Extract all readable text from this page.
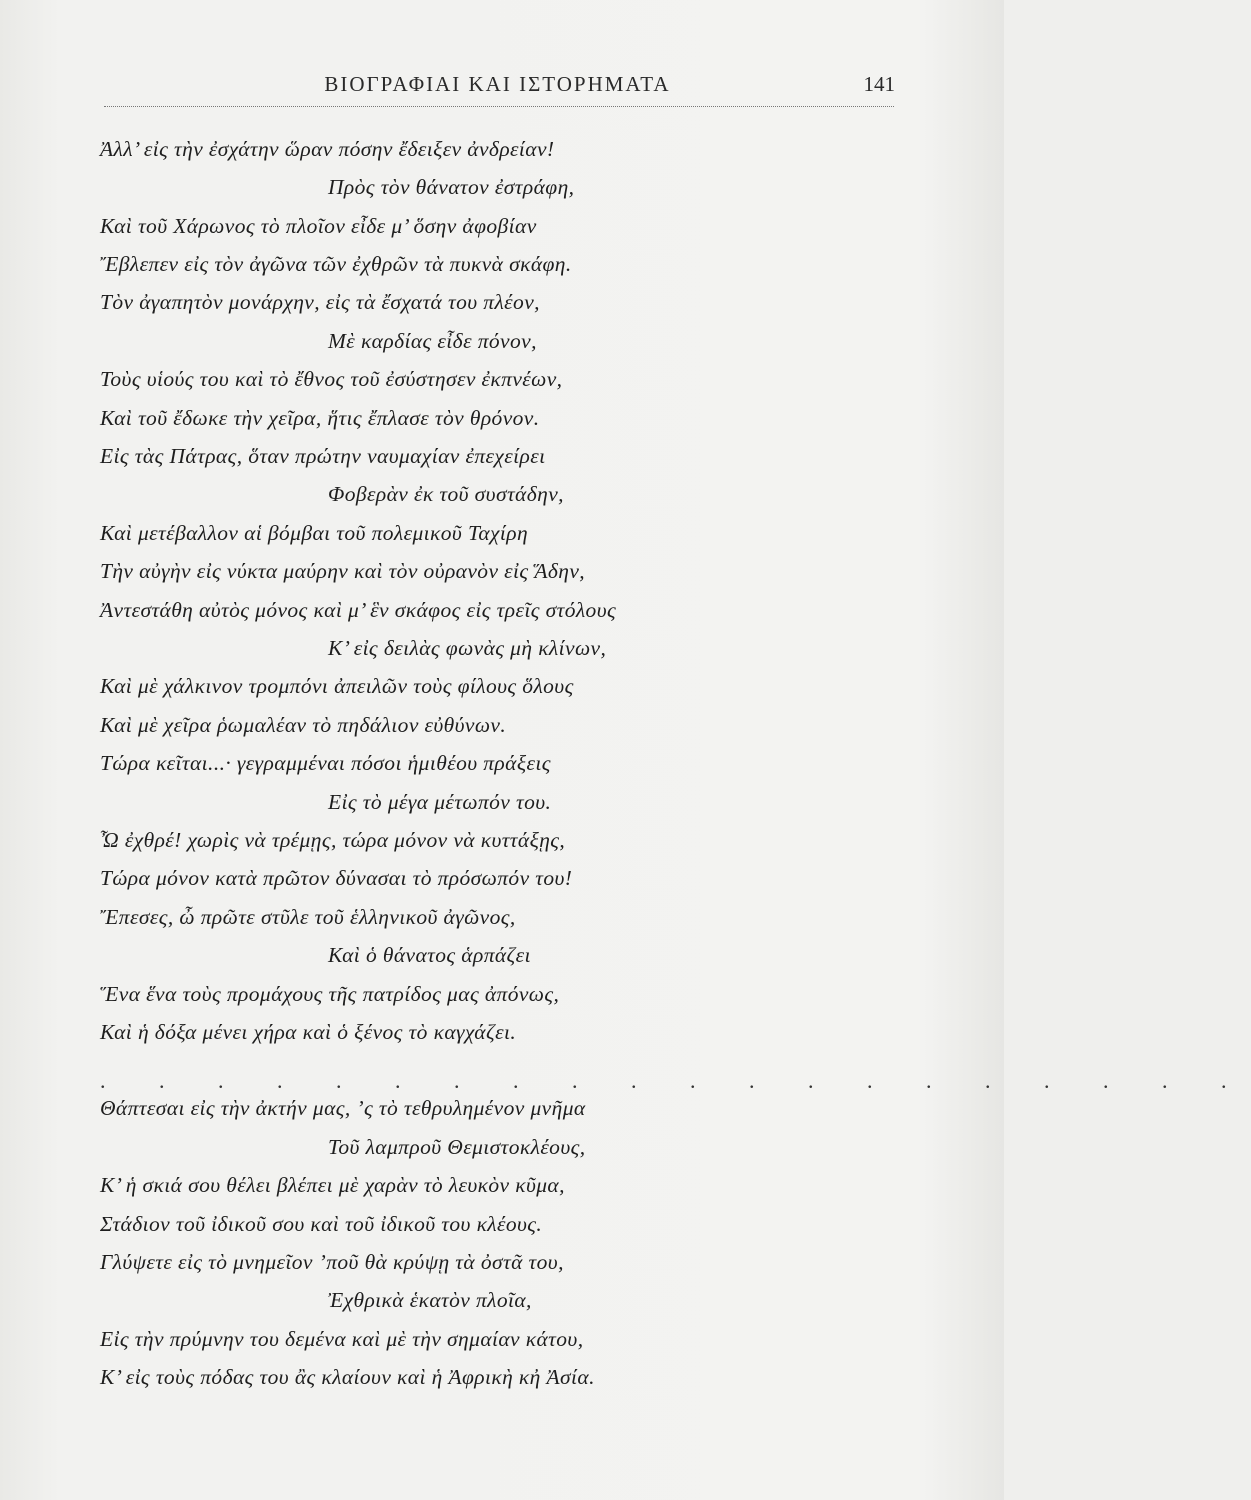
ΒΙΟΓΡΑΦΙΑΙ ΚΑΙ ΙΣΤΟΡΗΜΑΤΑ	141
Ἀλλ’ εἰς τὴν ἐσχάτην ὥραν πόσην ἔδειξεν ἀνδρείαν!
Πρὸς τὸν θάνατον ἐστράφη,
Καὶ τοῦ Χάρωνος τὸ πλοῖον εἶδε μ’ ὅσην ἀφοβίαν
Ἔβλεπεν εἰς τὸν ἀγῶνα τῶν ἐχθρῶν τὰ πυκνὰ σκάφη.
Τὸν ἀγαπητὸν μονάρχην, εἰς τὰ ἔσχατά του πλέον,
Μὲ καρδίας εἶδε πόνον,
Τοὺς υἱούς του καὶ τὸ ἔθνος τοῦ ἐσύστησεν ἐκπνέων,
Καὶ τοῦ ἔδωκε τὴν χεῖρα, ἥτις ἔπλασε τὸν θρόνον.
Εἰς τὰς Πάτρας, ὅταν πρώτην ναυμαχίαν ἐπεχείρει
Φοβερὰν ἐκ τοῦ συστάδην,
Καὶ μετέβαλλον αἱ βόμβαι τοῦ πολεμικοῦ Ταχίρη
Τὴν αὐγὴν εἰς νύκτα μαύρην καὶ τὸν οὐρανὸν εἰς Ἅδην,
Ἀντεστάθη αὐτὸς μόνος καὶ μ’ ἓν σκάφος εἰς τρεῖς στόλους
Κ’ εἰς δειλὰς φωνὰς μὴ κλίνων,
Καὶ μὲ χάλκινον τρομπόνι ἀπειλῶν τοὺς φίλους ὅλους
Καὶ μὲ χεῖρα ῥωμαλέαν τὸ πηδάλιον εὐθύνων.
Τώρα κεῖται...· γεγραμμέναι πόσοι ἡμιθέου πράξεις
Εἰς τὸ μέγα μέτωπόν του.
Ὦ ἐχθρέ! χωρὶς νὰ τρέμῃς, τώρα μόνον νὰ κυττάξῃς,
Τώρα μόνον κατὰ πρῶτον δύνασαι τὸ πρόσωπόν του!
Ἔπεσες, ὦ πρῶτε στῦλε τοῦ ἑλληνικοῦ ἀγῶνος,
Καὶ ὁ θάνατος ἁρπάζει
Ἕνα ἕνα τοὺς προμάχους τῆς πατρίδος μας ἀπόνως,
Καὶ ἡ δόξα μένει χήρα καὶ ὁ ξένος τὸ καγχάζει.
. . . . . . . . . . . . . . . . . . . .
Θάπτεσαι εἰς τὴν ἀκτήν μας, ’ς τὸ τεθρυλημένον μνῆμα
Τοῦ λαμπροῦ Θεμιστοκλέους,
Κ’ ἡ σκιά σου θέλει βλέπει μὲ χαρὰν τὸ λευκὸν κῦμα,
Στάδιον τοῦ ἰδικοῦ σου καὶ τοῦ ἰδικοῦ του κλέους.
Γλύψετε εἰς τὸ μνημεῖον ’ποῦ θὰ κρύψῃ τὰ ὀστᾶ του,
Ἐχθρικὰ ἑκατὸν πλοῖα,
Εἰς τὴν πρύμνην του δεμένα καὶ μὲ τὴν σημαίαν κάτου,
Κ’ εἰς τοὺς πόδας του ἂς κλαίουν καὶ ἡ Ἀφρικὴ κἠ Ἀσία.
